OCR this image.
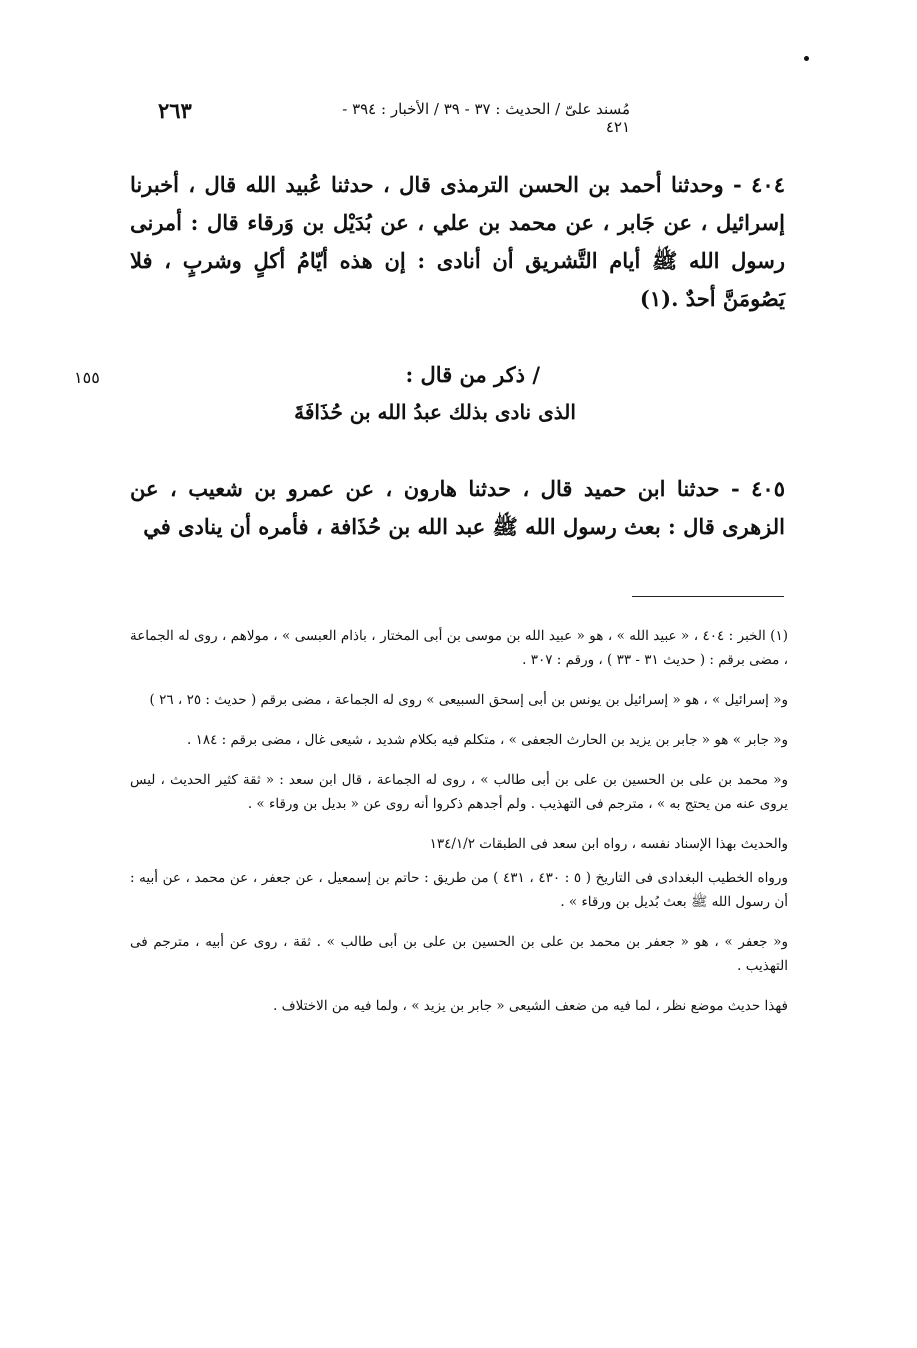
مُسند علىّ / الحديث : ٣٧ - ٣٩ / الأخبار : ٣٩٤ - ٤٢١
٢٦٣
١٥٥

٤٠٤ - وحدثنا أحمد بن الحسن الترمذى قال ، حدثنا عُبيد الله قال ، أخبرنا إسرائيل ، عن جَابر ، عن محمد بن علي ، عن بُدَيْل بن وَرقاء قال : أمرنى رسول الله ﷺ أيام التَّشريق أن أنادى : إن هذه أيّامُ أكلٍ وشربٍ ، فلا يَصُومَنَّ أحدٌ .(١)

/ ذكر من قال :
الذى نادى بذلك عبدُ الله بن حُذَافَةَ

٤٠٥ - حدثنا ابن حميد قال ، حدثنا هارون ، عن عمرو بن شعيب ، عن الزهرى قال : بعث رسول الله ﷺ عبد الله بن حُذَافة ، فأمره أن ينادى في

(١) الخبر : ٤٠٤ ، « عبيد الله » ، هو « عبيد الله بن موسى بن أبى المختار ، باذام العبسى » ، مولاهم ، روى له الجماعة ، مضى برقم : ( حديث ٣١ - ٣٣ ) ، ورقم : ٣٠٧ .

و« إسرائيل » ، هو « إسرائيل بن يونس بن أبى إسحق السبيعى » روى له الجماعة ، مضى برقم ( حديث : ٢٥ ، ٢٦ )

و« جابر » هو « جابر بن يزيد بن الحارث الجعفى » ، متكلم فيه بكلام شديد ، شيعى غال ، مضى برقم : ١٨٤ .

و« محمد بن على بن الحسين بن على بن أبى طالب » ، روى له الجماعة ، قال ابن سعد : « ثقة كثير الحديث ، ليس يروى عنه من يحتج به » ، مترجم فى التهذيب . ولم أجدهم ذكروا أنه روى عن « بديل بن ورقاء » .

والحديث بهذا الإسناد نفسه ، رواه ابن سعد فى الطبقات ١٣٤/١/٢

ورواه الخطيب البغدادى فى التاريخ ( ٥ : ٤٣٠ ، ٤٣١ ) من طريق : حاتم بن إسمعيل ، عن جعفر ، عن محمد ، عن أبيه : أن رسول الله ﷺ بعث بُديل بن ورقاء » .

و« جعفر » ، هو « جعفر بن محمد بن على بن الحسين بن على بن أبى طالب » . ثقة ، روى عن أبيه ، مترجم فى التهذيب .

فهذا حديث موضع نظر ، لما فيه من ضعف الشيعى « جابر بن يزيد » ، ولما فيه من الاختلاف .
